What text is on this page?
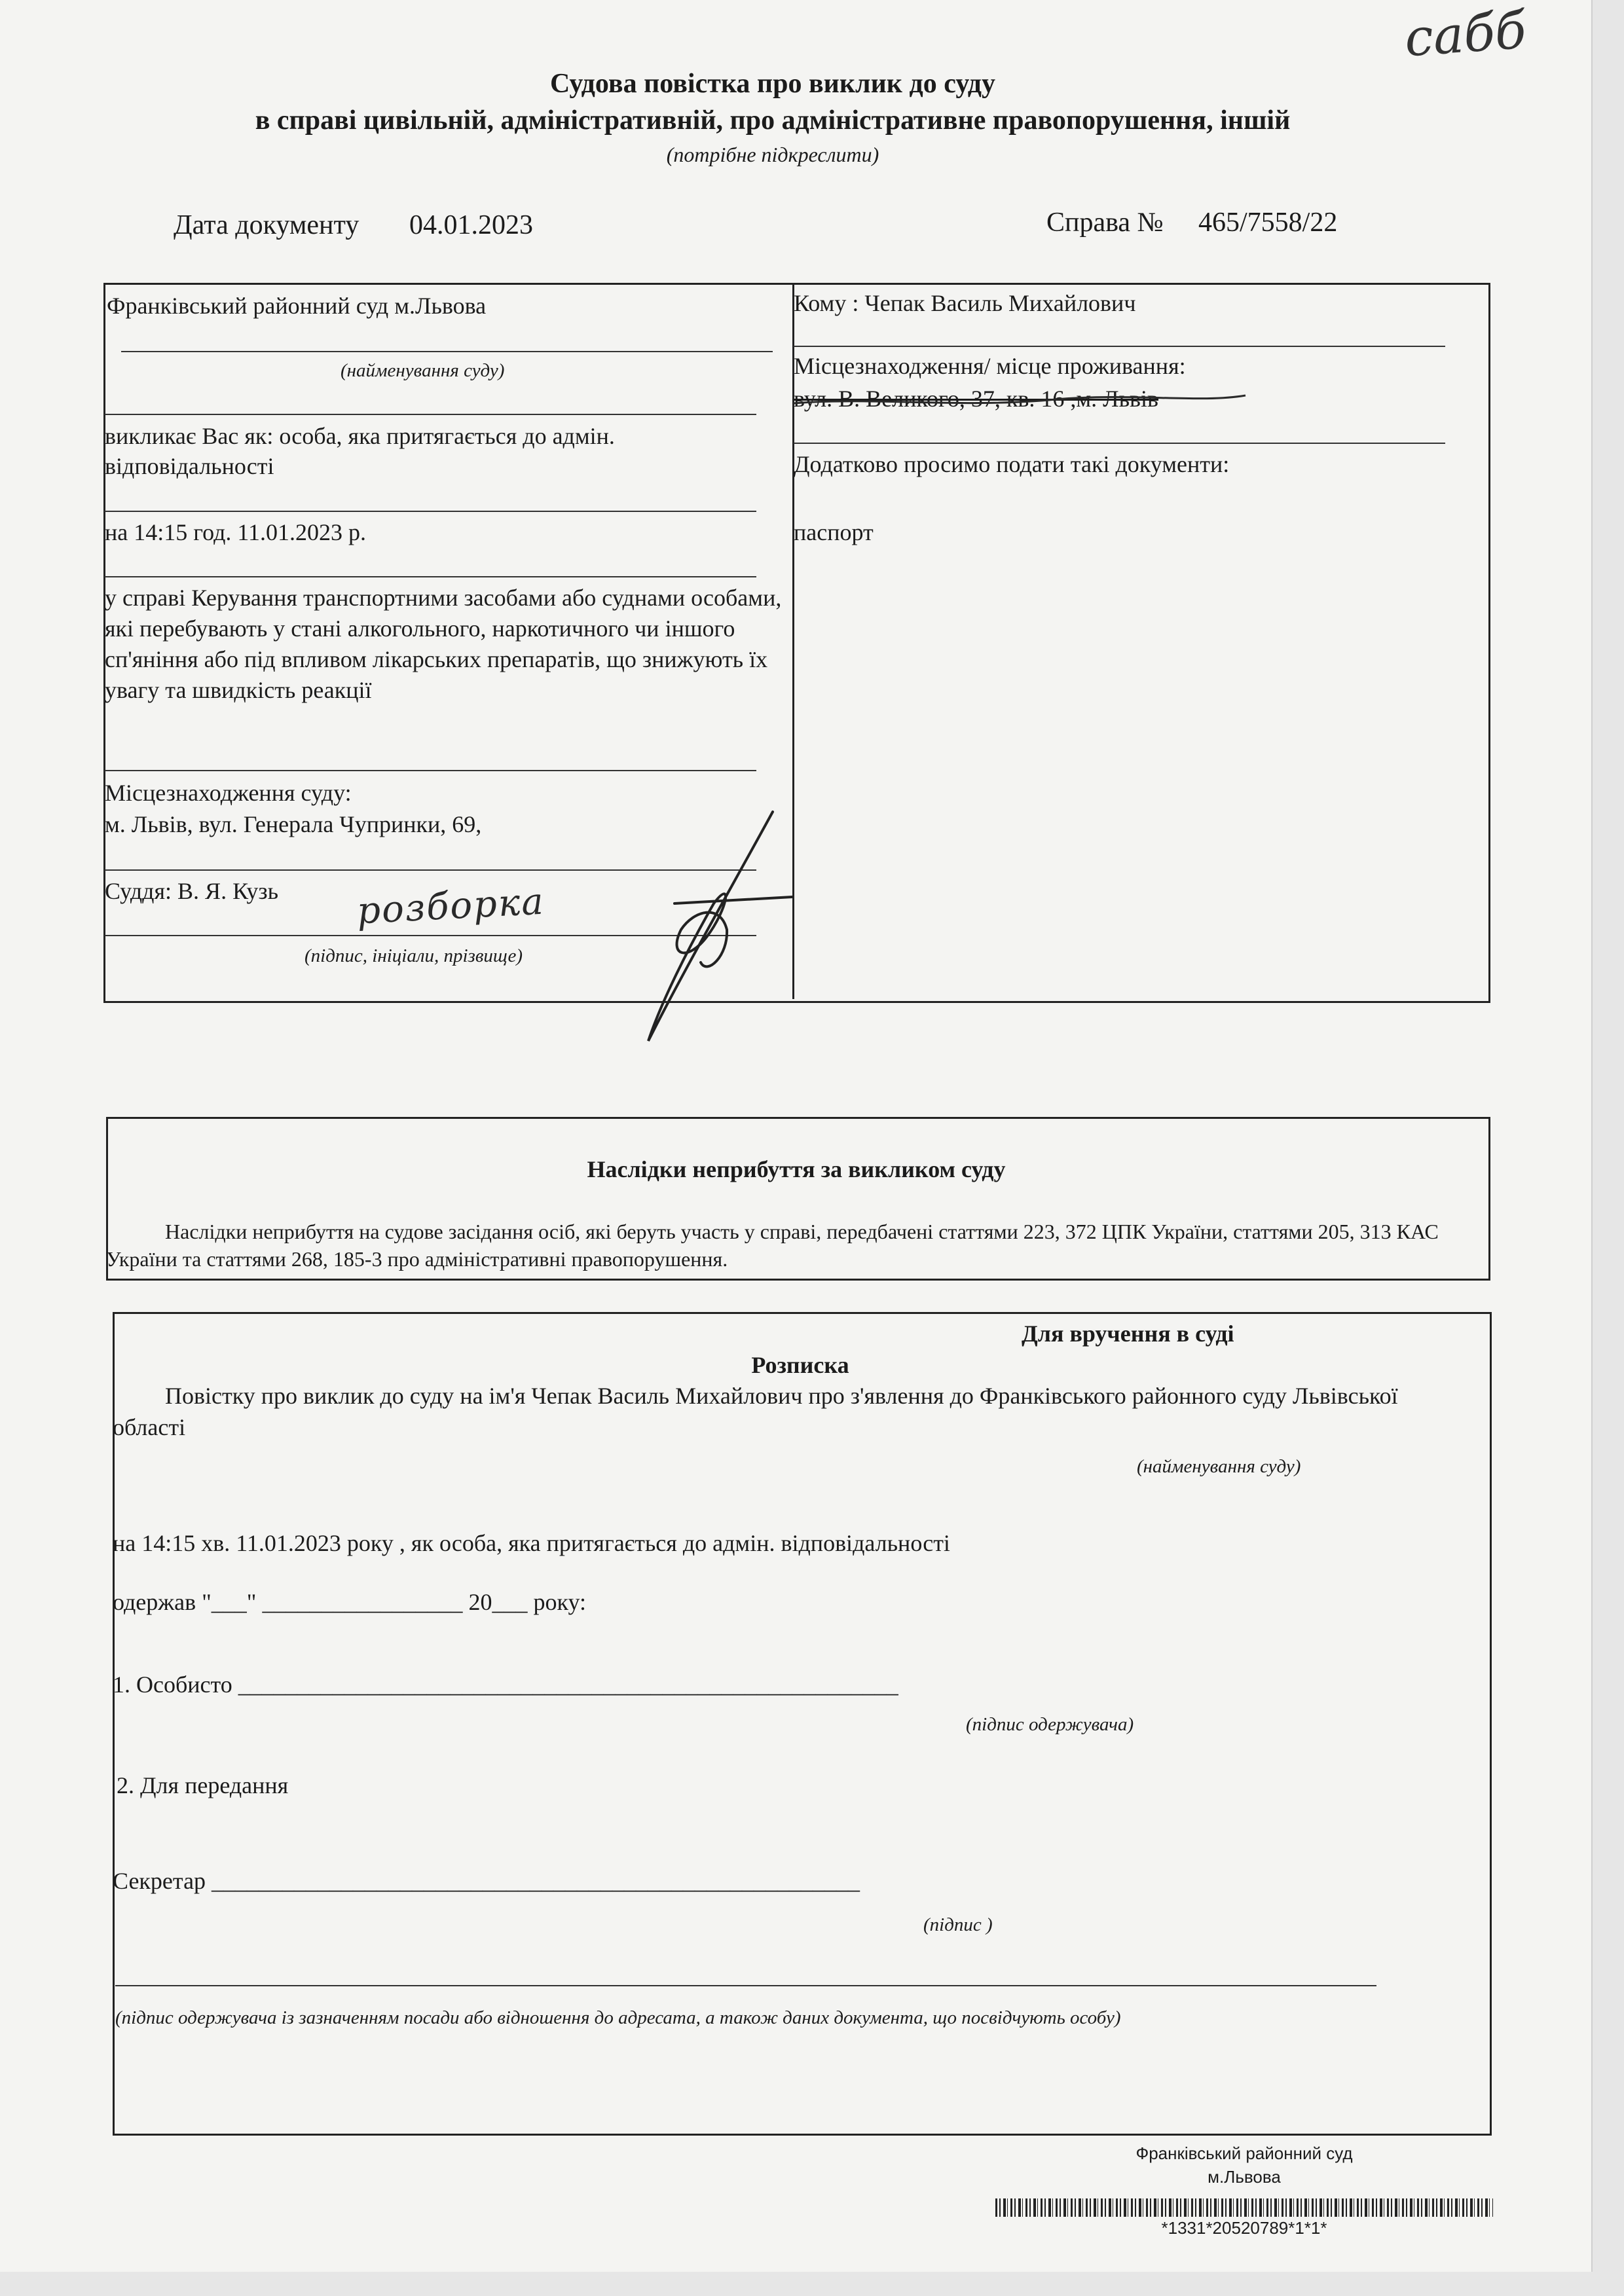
сабб
Судова повістка про виклик до суду
в справі цивільній, адміністративній, про адміністративне правопорушення, іншій
(потрібне підкреслити)
Дата документу 04.01.2023	Справа № 465/7558/22
Франківський районний суд м.Львова
(найменування суду)
викликає Вас як: особа, яка притягається до адмін. відповідальності
на 14:15 год. 11.01.2023 р.
у справі Керування транспортними засобами або суднами особами, які перебувають у стані алкогольного, наркотичного чи іншого сп'яніння або під впливом лікарських препаратів, що знижують їх увагу та швидкість реакції
Місцезнаходження суду:
м. Львів, вул. Генерала Чупринки, 69,
Суддя: В. Я. Кузь розборка
(підпис, ініціали, прізвище)
Кому : Чепак Василь Михайлович
Місцезнаходження/ місце проживання:
вул. В. Великого, 37, кв. 16 ,м. Львів
Додатково просимо подати такі документи:
паспорт
Наслідки неприбуття за викликом суду
Наслідки неприбуття на судове засідання осіб, які беруть участь у справі, передбачені статтями 223, 372 ЦПК України, статтями 205, 313 КАС України та статтями 268, 185-3 про адміністративні правопорушення.
Для вручення в суді
Розписка
Повістку про виклик до суду на ім'я Чепак Василь Михайлович про з'явлення до Франківського районного суду Львівської області
(найменування суду)
на 14:15 хв. 11.01.2023 року , як особа, яка притягається до адмін. відповідальності
одержав "___" _________________ 20___ року:
1. Особисто ________________________________________________________
(підпис одержувача)
2. Для передання
Секретар _______________________________________________________
(підпис )
(підпис одержувача із зазначенням посади або відношення до адресата, а також даних документа, що посвідчують особу)
Франківський районний суд
м.Львова
*1331*20520789*1*1*
